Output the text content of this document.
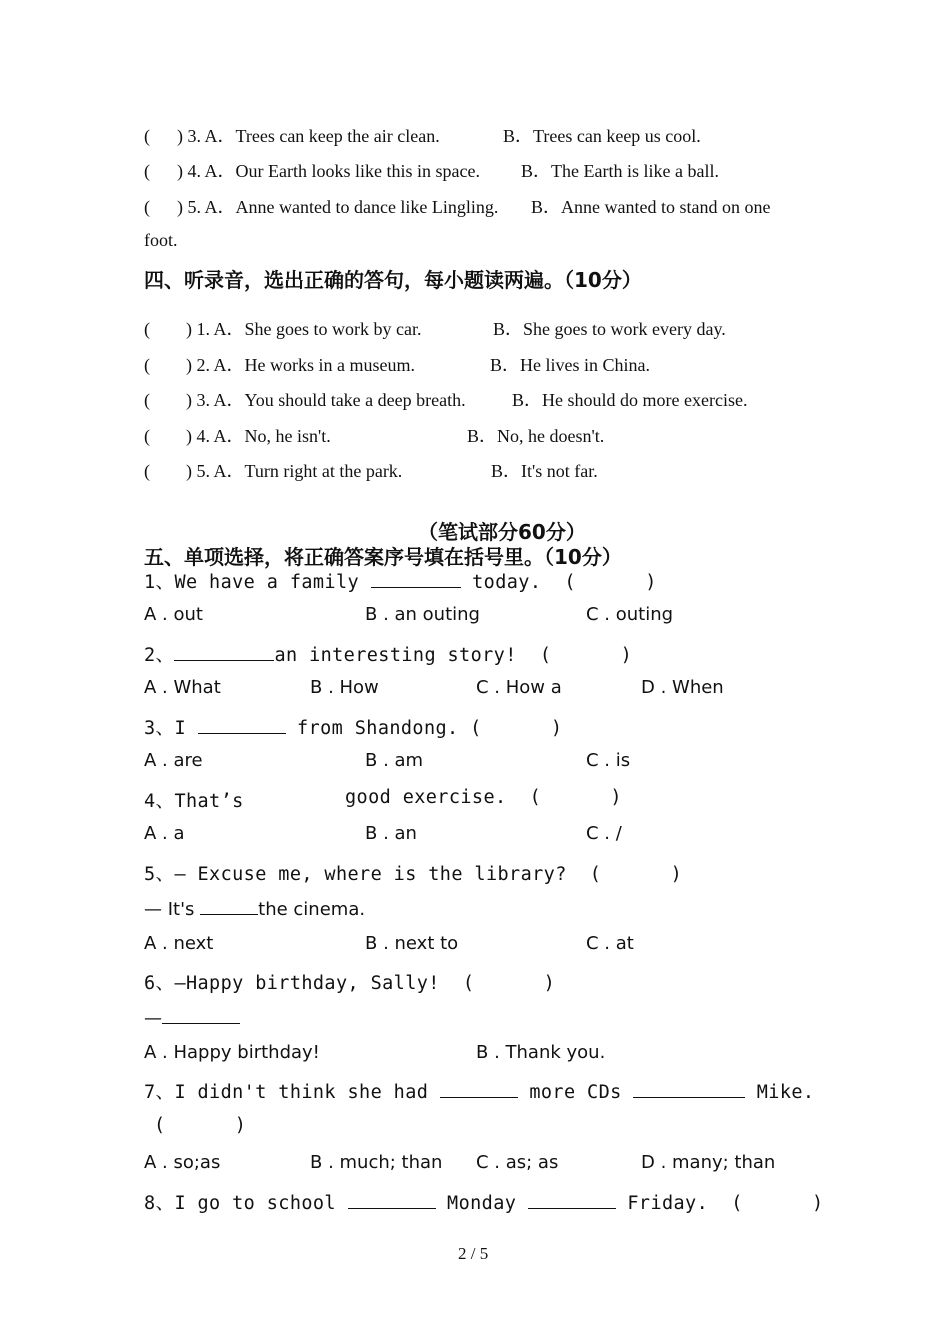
(      ) 3. A．Trees can keep the air clean.	B．Trees can keep us cool.
(      ) 4. A．Our Earth looks like this in space. B．The Earth is like a ball.
(      ) 5. A．Anne wanted to dance like Lingling. B．Anne wanted to stand on one
foot.
四、听录音，选出正确的答句，每小题读两遍。（10分）
(        ) 1. A．She goes to work by car.	B．She goes to work every day.
(        ) 2. A．He works in a museum.	B．He lives in China.
(        ) 3. A．You should take a deep breath.	B．He should do more exercise.
(        ) 4. A．No, he isn't.	B．No, he doesn't.
(        ) 5. A．Turn right at the park.	B．It's not far.
（笔试部分60分）
五、单项选择，将正确答案序号填在括号里。（10分）
1、We have a family	today.  (      )
A . out	B . an outing	C . outing
2、	an interesting story!  (      )
A . What	B . How	C . How a	D . When
3、I	from Shandong. (      )
A . are	B . am	C . is
4、That’s	good exercise.  (      )
A . a	B . an	C . /
5、— Excuse me, where is the library?  (      )
— It's	the cinema.
A . next	B . next to	C . at
6、—Happy birthday, Sally!  (      )
—
A . Happy birthday!	B . Thank you.
7、I didn't think she had	more CDs	Mike.
(      )
A . so;as	B . much; than C . as; as	D . many; than
8、I go to school	Monday	Friday.  (      )
2 / 5
